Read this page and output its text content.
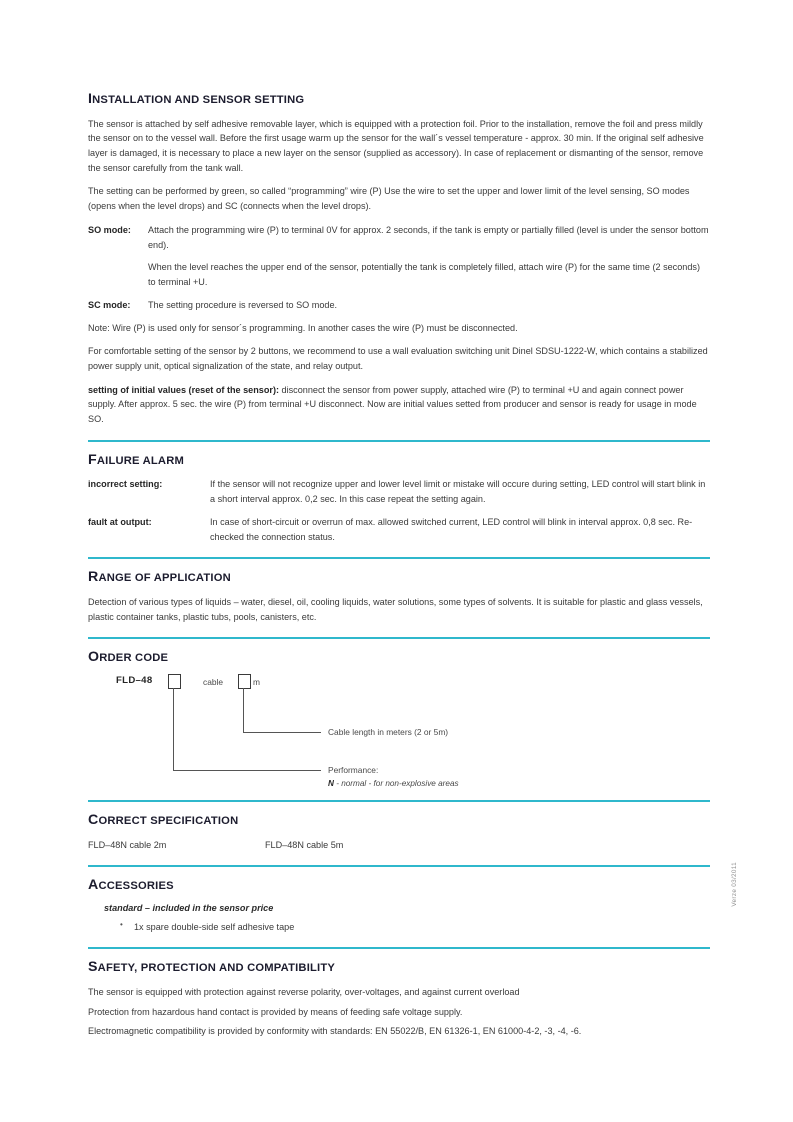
INSTALLATION AND SENSOR SETTING

The sensor is attached by self adhesive removable layer, which is equipped with a protection foil. Prior to the installation, remove the foil and press mildly the sensor on to the vessel wall. Before the first usage warm up the sensor for the wall´s vessel temperature - approx. 30 min. If the original self adhesive layer is damaged, it is necessary to place a new layer on the sensor (supplied as accessory). In case of replacement or dismanting of the sensor, remove the sensor carefully from the tank wall.

The setting can be performed by green, so called “programming” wire (P) Use the wire to set the upper and lower limit of the level sensing, SO modes (opens when the level drops) and SC (connects when the level drops).

SO mode:	Attach the programming wire (P) to terminal 0V for approx. 2 seconds, if the tank is empty or partially filled (level is under the sensor bottom end).
When the level reaches the upper end of the sensor, potentially the tank is completely filled, attach wire (P) for the same time (2 seconds) to terminal +U.
SC mode:	The setting procedure is reversed to SO mode.

Note: Wire (P) is used only for sensor´s programming. In another cases the wire (P) must be disconnected.

For comfortable setting of the sensor by 2 buttons, we recommend to use a wall evaluation switching unit Dinel SDSU-1222-W, which contains a stabilized power supply unit, optical signalization of the state, and relay output.

setting of initial values (reset of the sensor): disconnect the sensor from power supply, attached wire (P) to terminal +U and again connect power supply. After approx. 5 sec. the wire (P) from terminal +U disconnect. Now are initial values setted from producer and sensor is ready for usage in mode SO.

FAILURE ALARM
incorrect setting:	If the sensor will not recognize upper and lower level limit or mistake will occure during setting, LED control will start blink in a short interval approx. 0,2 sec. In this case repeat the setting again.
fault at output:	In case of short-circuit or overrun of max. allowed switched current, LED control will blink in interval approx. 0,8 sec. Re-checked the connection status.
RANGE OF APPLICATION

Detection of various types of liquids – water, diesel, oil, cooling liquids, water solutions, some types of solvents. It is suitable for plastic and glass vessels, plastic container tanks, plastic tubs, pools, canisters, etc.

ORDER CODE
FLD–48	cable	m
Cable length in meters (2 or 5m)
Performance:
N - normal - for non-explosive areas
CORRECT SPECIFICATION
FLD–48N cable 2m	FLD–48N cable 5m
ACCESSORIES
standard – included in the sensor price
• 1x spare double-side self adhesive tape
SAFETY, PROTECTION AND COMPATIBILITY
The sensor is equipped with protection against reverse polarity, over-voltages, and against current overload
Protection from hazardous hand contact is provided by means of feeding safe voltage supply.
Electromagnetic compatibility is provided by conformity with standards: EN 55022/B, EN 61326-1, EN 61000-4-2, -3, -4, -6.
Verze 03/2011
